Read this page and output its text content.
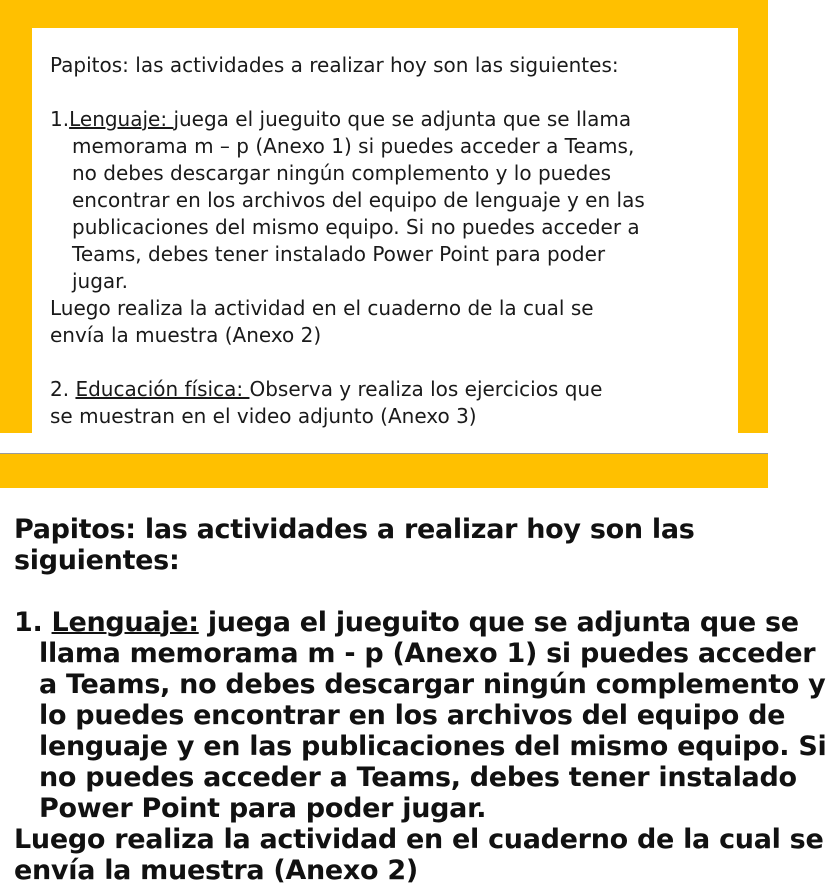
Papitos: las actividades a realizar hoy son las siguientes:

1.Lenguaje: juega el jueguito que se adjunta que se llama

memorama m – p (Anexo 1) si puedes acceder a Teams,

no debes descargar ningún complemento y lo puedes

encontrar en los archivos del equipo de lenguaje y en las

publicaciones del mismo equipo. Si no puedes acceder a

Teams, debes tener instalado Power Point para poder

jugar.

Luego realiza la actividad en el cuaderno de la cual se

envía la muestra (Anexo 2)

2. Educación física: Observa y realiza los ejercicios que

se muestran en el video adjunto (Anexo 3)

Papitos: las actividades a realizar hoy son las

siguientes:

1. Lenguaje: juega el jueguito que se adjunta que se

llama memorama m - p (Anexo 1) si puedes acceder

a Teams, no debes descargar ningún complemento y

lo puedes encontrar en los archivos del equipo de

lenguaje y en las publicaciones del mismo equipo. Si

no puedes acceder a Teams, debes tener instalado

Power Point para poder jugar.

Luego realiza la actividad en el cuaderno de la cual se

envía la muestra (Anexo 2)
